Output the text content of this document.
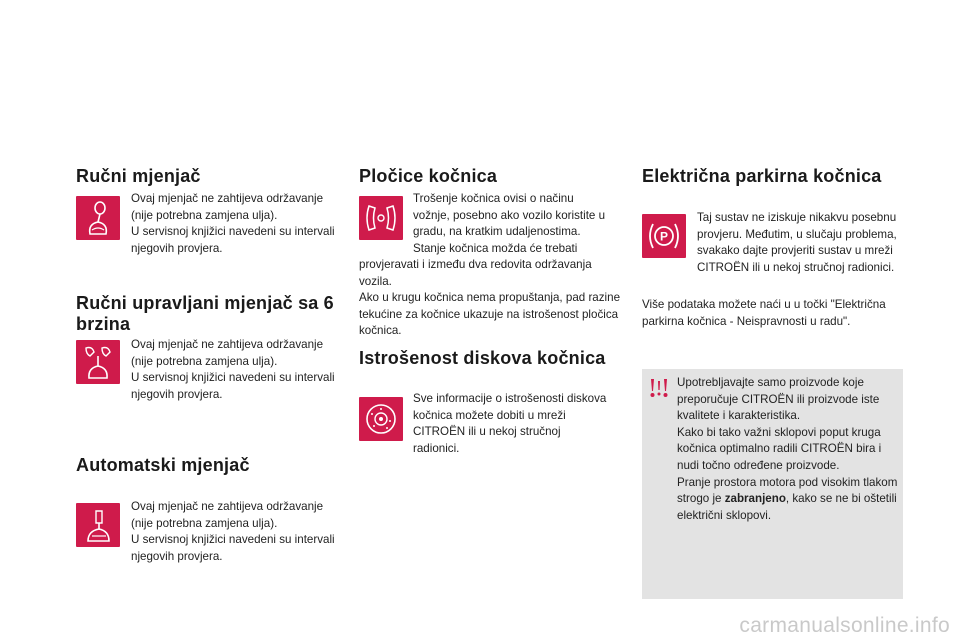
Ručni mjenjač

Ovaj mjenjač ne zahtijeva održavanje (nije potrebna zamjena ulja).
U servisnoj knjižici navedeni su intervali njegovih provjera.

Ručni upravljani mjenjač sa 6 brzina

Ovaj mjenjač ne zahtijeva održavanje (nije potrebna zamjena ulja).
U servisnoj knjižici navedeni su intervali njegovih provjera.

Automatski mjenjač

Ovaj mjenjač ne zahtijeva održavanje (nije potrebna zamjena ulja).
U servisnoj knjižici navedeni su intervali njegovih provjera.

Pločice kočnica

Trošenje kočnica ovisi o načinu vožnje, posebno ako vozilo koristite u gradu, na kratkim udaljenostima. Stanje kočnica možda će trebati

provjeravati i između dva redovita održavanja vozila.
Ako u krugu kočnica nema propuštanja, pad razine tekućine za kočnice ukazuje na istrošenost pločica kočnica.

Istrošenost diskova kočnica

Sve informacije o istrošenosti diskova kočnica možete dobiti u mreži CITROËN ili u nekoj stručnoj radionici.

Električna parkirna kočnica
P

Taj sustav ne iziskuje nikakvu posebnu provjeru. Međutim, u slučaju problema, svakako dajte provjeriti sustav u mreži CITROËN ili u nekoj stručnoj radionici.

Više podataka možete naći u u točki "Električna parkirna kočnica - Neispravnosti u radu".

Upotrebljavajte samo proizvode koje preporučuje CITROËN ili proizvode iste kvalitete i karakteristika.

Kako bi tako važni sklopovi poput kruga kočnica optimalno radili CITROËN bira i nudi točno određene proizvode.

Pranje prostora motora pod visokim tlakom strogo je zabranjeno, kako se ne bi oštetili električni sklopovi.

carmanualsonline.info
